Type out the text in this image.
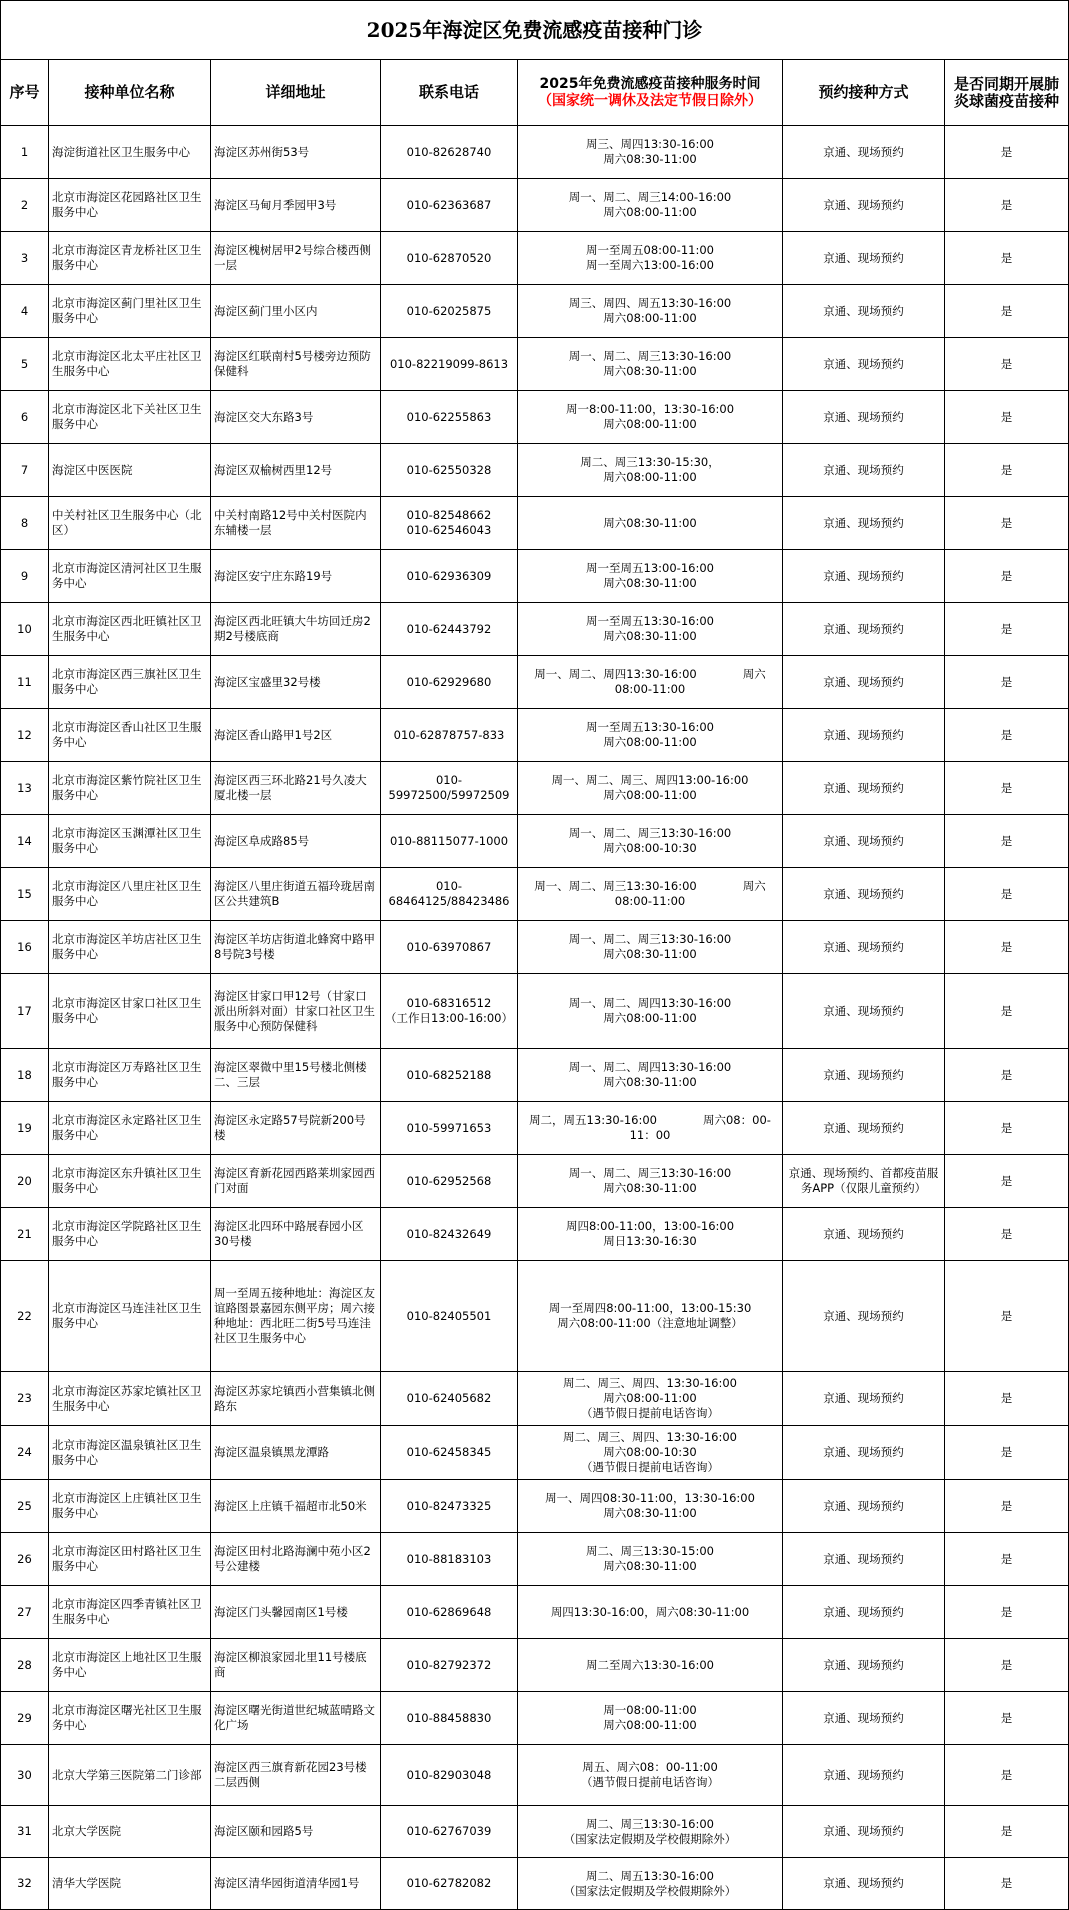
2025年海淀区免费流感疫苗接种门诊						
序号	接种单位名称	详细地址	联系电话	2025年免费流感疫苗接种服务时间
（国家统一调休及法定节假日除外）	预约接种方式	是否同期开展肺炎球菌疫苗接种
1	海淀街道社区卫生服务中心	海淀区苏州街53号	010-82628740	周三、周四13:30-16:00
周六08:30-11:00	京通、现场预约	是
2	北京市海淀区花园路社区卫生服务中心	海淀区马甸月季园甲3号	010-62363687	周一、周二、周三14:00-16:00
周六08:00-11:00	京通、现场预约	是
3	北京市海淀区青龙桥社区卫生服务中心	海淀区槐树居甲2号综合楼西侧一层	010-62870520	周一至周五08:00-11:00
周一至周六13:00-16:00	京通、现场预约	是
4	北京市海淀区蓟门里社区卫生服务中心	海淀区蓟门里小区内	010-62025875	周三、周四、周五13:30-16:00
周六08:00-11:00	京通、现场预约	是
5	北京市海淀区北太平庄社区卫生服务中心	海淀区红联南村5号楼旁边预防保健科	010-82219099-8613	周一、周二、周三13:30-16:00
周六08:30-11:00	京通、现场预约	是
6	北京市海淀区北下关社区卫生服务中心	海淀区交大东路3号	010-62255863	周一8:00-11:00，13:30-16:00
周六08:00-11:00	京通、现场预约	是
7	海淀区中医医院	海淀区双榆树西里12号	010-62550328	周二、周三13:30-15:30，
周六08:00-11:00	京通、现场预约	是
8	中关村社区卫生服务中心（北区）	中关村南路12号中关村医院内东辅楼一层	010-82548662
010-62546043	周六08:30-11:00	京通、现场预约	是
9	北京市海淀区清河社区卫生服务中心	海淀区安宁庄东路19号	010-62936309	周一至周五13:00-16:00
周六08:30-11:00	京通、现场预约	是
10	北京市海淀区西北旺镇社区卫生服务中心	海淀区西北旺镇大牛坊回迁房2期2号楼底商	010-62443792	周一至周五13:30-16:00
周六08:30-11:00	京通、现场预约	是
11	北京市海淀区西三旗社区卫生服务中心	海淀区宝盛里32号楼	010-62929680	周一、周二、周四13:30-16:00　　　　周六08:00-11:00	京通、现场预约	是
12	北京市海淀区香山社区卫生服务中心	海淀区香山路甲1号2区	010-62878757-833	周一至周五13:30-16:00
周六08:00-11:00	京通、现场预约	是
13	北京市海淀区紫竹院社区卫生服务中心	海淀区西三环北路21号久凌大厦北楼一层	010-59972500/59972509	周一、周二、周三、周四13:00-16:00
周六08:00-11:00	京通、现场预约	是
14	北京市海淀区玉渊潭社区卫生服务中心	海淀区阜成路85号	010-88115077-1000	周一、周二、周三13:30-16:00
周六08:00-10:30	京通、现场预约	是
15	北京市海淀区八里庄社区卫生服务中心	海淀区八里庄街道五福玲珑居南区公共建筑B	010-68464125/88423486	周一、周二、周三13:30-16:00　　　　周六08:00-11:00	京通、现场预约	是
16	北京市海淀区羊坊店社区卫生服务中心	海淀区羊坊店街道北蜂窝中路甲8号院3号楼	010-63970867	周一、周二、周三13:30-16:00
周六08:30-11:00	京通、现场预约	是
17	北京市海淀区甘家口社区卫生服务中心	海淀区甘家口甲12号（甘家口派出所斜对面）甘家口社区卫生服务中心预防保健科	010-68316512
（工作日13:00-16:00）	周一、周二、周四13:30-16:00
周六08:00-11:00	京通、现场预约	是
18	北京市海淀区万寿路社区卫生服务中心	海淀区翠微中里15号楼北侧楼二、三层	010-68252188	周一、周二、周四13:30-16:00
周六08:30-11:00	京通、现场预约	是
19	北京市海淀区永定路社区卫生服务中心	海淀区永定路57号院新200号楼	010-59971653	周二，周五13:30-16:00　　　　周六08：00-11：00	京通、现场预约	是
20	北京市海淀区东升镇社区卫生服务中心	海淀区育新花园西路莱圳家园西门对面	010-62952568	周一、周二、周三13:30-16:00
周六08:30-11:00	京通、现场预约、首都疫苗服务APP（仅限儿童预约）	是
21	北京市海淀区学院路社区卫生服务中心	海淀区北四环中路展春园小区30号楼	010-82432649	周四8:00-11:00，13:00-16:00
周日13:30-16:30	京通、现场预约	是
22	北京市海淀区马连洼社区卫生服务中心	周一至周五接种地址：海淀区友谊路图景嘉园东侧平房；周六接种地址：西北旺二街5号马连洼社区卫生服务中心	010-82405501	周一至周四8:00-11:00，13:00-15:30
周六08:00-11:00（注意地址调整）	京通、现场预约	是
23	北京市海淀区苏家坨镇社区卫生服务中心	海淀区苏家坨镇西小营集镇北侧路东	010-62405682	周二、周三、周四、13:30-16:00
周六08:00-11:00
（遇节假日提前电话咨询）	京通、现场预约	是
24	北京市海淀区温泉镇社区卫生服务中心	海淀区温泉镇黑龙潭路	010-62458345	周二、周三、周四、13:30-16:00
周六08:00-10:30
（遇节假日提前电话咨询）	京通、现场预约	是
25	北京市海淀区上庄镇社区卫生服务中心	海淀区上庄镇千福超市北50米	010-82473325	周一、周四08:30-11:00，13:30-16:00
周六08:30-11:00	京通、现场预约	是
26	北京市海淀区田村路社区卫生服务中心	海淀区田村北路海澜中苑小区2号公建楼	010-88183103	周二、周三13:30-15:00
周六08:30-11:00	京通、现场预约	是
27	北京市海淀区四季青镇社区卫生服务中心	海淀区门头馨园南区1号楼	010-62869648	周四13:30-16:00，周六08:30-11:00	京通、现场预约	是
28	北京市海淀区上地社区卫生服务中心	海淀区柳浪家园北里11号楼底商	010-82792372	周二至周六13:30-16:00	京通、现场预约	是
29	北京市海淀区曙光社区卫生服务中心	海淀区曙光街道世纪城蓝晴路文化广场	010-88458830	周一08:00-11:00
周六08:00-11:00	京通、现场预约	是
30	北京大学第三医院第二门诊部	海淀区西三旗育新花园23号楼二层西侧	010-82903048	周五、周六08：00-11:00
（遇节假日提前电话咨询）	京通、现场预约	是
31	北京大学医院	海淀区颐和园路5号	010-62767039	周二、周三13:30-16:00
（国家法定假期及学校假期除外）	京通、现场预约	是
32	清华大学医院	海淀区清华园街道清华园1号	010-62782082	周二、周五13:30-16:00
（国家法定假期及学校假期除外）	京通、现场预约	是
